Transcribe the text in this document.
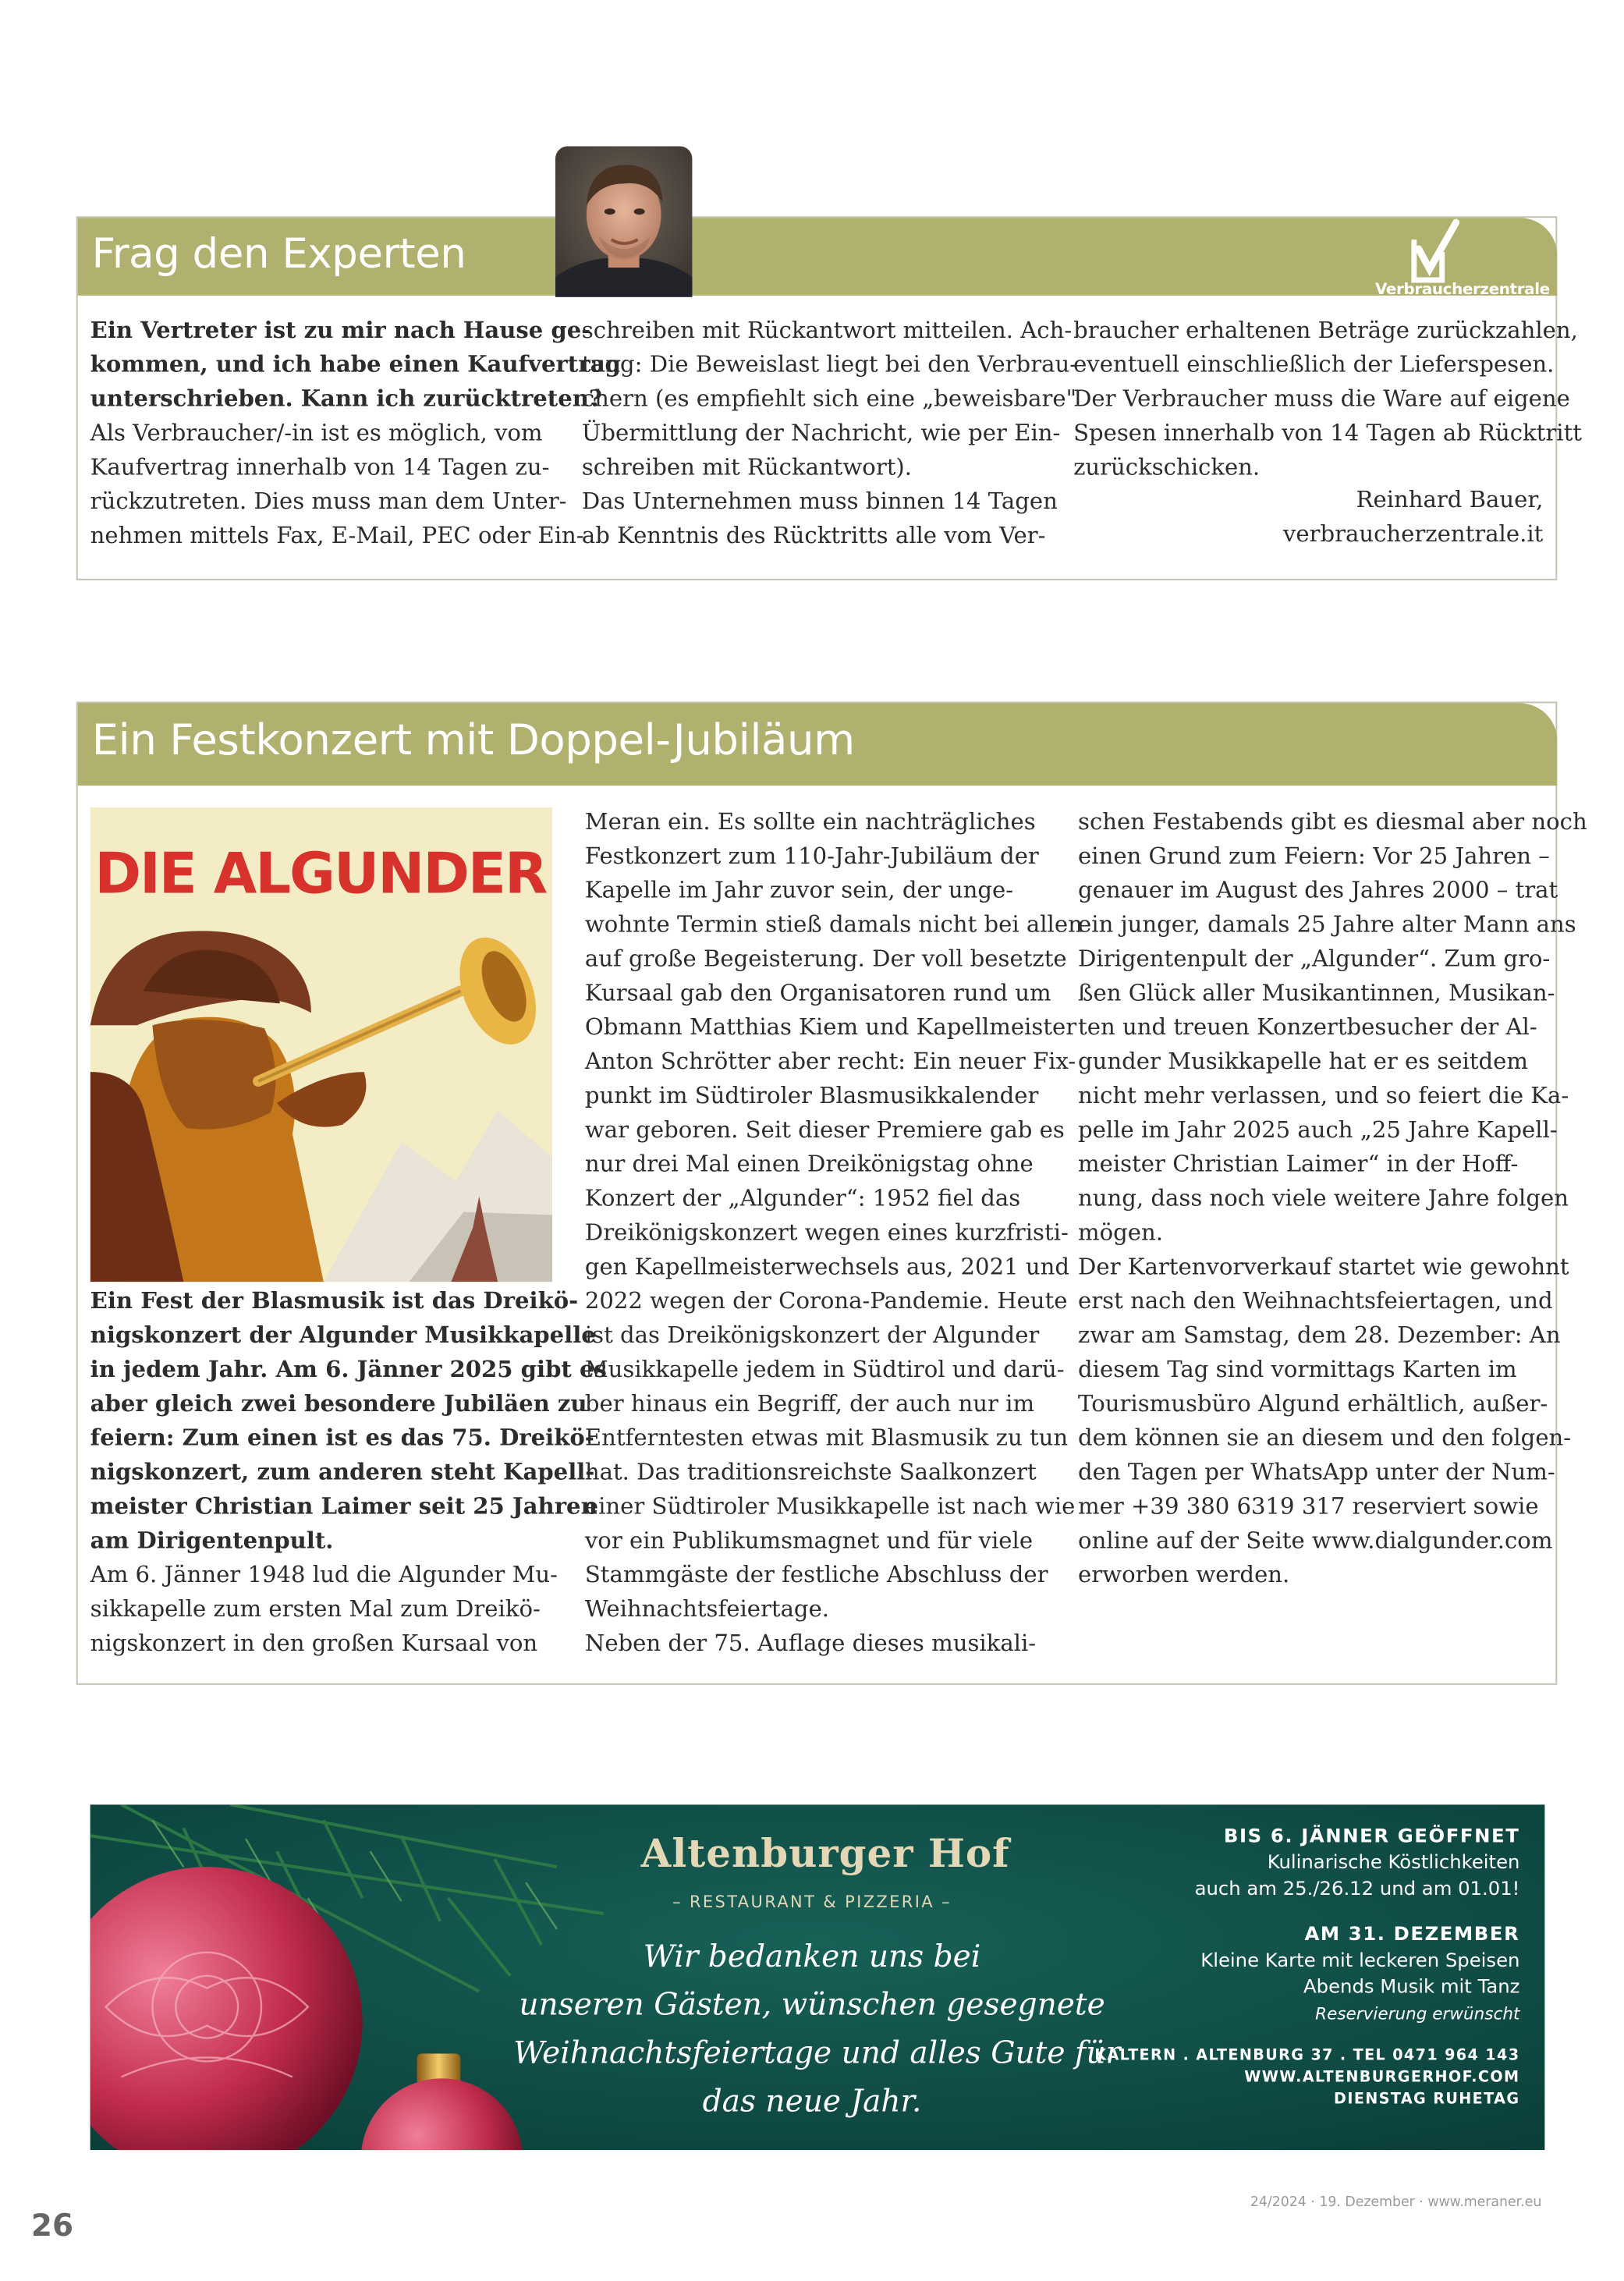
Frag den Experten
Verbraucherzentrale

Ein Vertreter ist zu mir nach Hause ge-

kommen, und ich habe einen Kaufvertrag

unterschrieben. Kann ich zurücktreten?

Als Verbraucher/-in ist es möglich, vom

Kaufvertrag innerhalb von 14 Tagen zu-

rückzutreten. Dies muss man dem Unter-

nehmen mittels Fax, E-Mail, PEC oder Ein-

schreiben mit Rückantwort mitteilen. Ach-

tung: Die Beweislast liegt bei den Verbrau-

chern (es empfiehlt sich eine „beweisbare"

Übermittlung der Nachricht, wie per Ein-

schreiben mit Rückantwort).

Das Unternehmen muss binnen 14 Tagen

ab Kenntnis des Rücktritts alle vom Ver-

braucher erhaltenen Beträge zurückzahlen,

eventuell einschließlich der Lieferspesen.

Der Verbraucher muss die Ware auf eigene

Spesen innerhalb von 14 Tagen ab Rücktritt

zurückschicken.

Reinhard Bauer,

verbraucherzentrale.it

Ein Festkonzert mit Doppel-Jubiläum
DIE ALGUNDER

Ein Fest der Blasmusik ist das Dreikö-

nigskonzert der Algunder Musikkapelle

in jedem Jahr. Am 6. Jänner 2025 gibt es

aber gleich zwei besondere Jubiläen zu

feiern: Zum einen ist es das 75. Dreikö-

nigskonzert, zum anderen steht Kapell-

meister Christian Laimer seit 25 Jahren

am Dirigentenpult.

Am 6. Jänner 1948 lud die Algunder Mu-

sikkapelle zum ersten Mal zum Dreikö-

nigskonzert in den großen Kursaal von

Meran ein. Es sollte ein nachträgliches

Festkonzert zum 110-Jahr-Jubiläum der

Kapelle im Jahr zuvor sein, der unge-

wohnte Termin stieß damals nicht bei allen

auf große Begeisterung. Der voll besetzte

Kursaal gab den Organisatoren rund um

Obmann Matthias Kiem und Kapellmeister

Anton Schrötter aber recht: Ein neuer Fix-

punkt im Südtiroler Blasmusikkalender

war geboren. Seit dieser Premiere gab es

nur drei Mal einen Dreikönigstag ohne

Konzert der „Algunder“: 1952 fiel das

Dreikönigskonzert wegen eines kurzfristi-

gen Kapellmeisterwechsels aus, 2021 und

2022 wegen der Corona-Pandemie. Heute

ist das Dreikönigskonzert der Algunder

Musikkapelle jedem in Südtirol und darü-

ber hinaus ein Begriff, der auch nur im

Entferntesten etwas mit Blasmusik zu tun

hat. Das traditionsreichste Saalkonzert

einer Südtiroler Musikkapelle ist nach wie

vor ein Publikumsmagnet und für viele

Stammgäste der festliche Abschluss der

Weihnachtsfeiertage.

Neben der 75. Auflage dieses musikali-

schen Festabends gibt es diesmal aber noch

einen Grund zum Feiern: Vor 25 Jahren –

genauer im August des Jahres 2000 – trat

ein junger, damals 25 Jahre alter Mann ans

Dirigentenpult der „Algunder“. Zum gro-

ßen Glück aller Musikantinnen, Musikan-

ten und treuen Konzertbesucher der Al-

gunder Musikkapelle hat er es seitdem

nicht mehr verlassen, und so feiert die Ka-

pelle im Jahr 2025 auch „25 Jahre Kapell-

meister Christian Laimer“ in der Hoff-

nung, dass noch viele weitere Jahre folgen

mögen.

Der Kartenvorverkauf startet wie gewohnt

erst nach den Weihnachtsfeiertagen, und

zwar am Samstag, dem 28. Dezember: An

diesem Tag sind vormittags Karten im

Tourismusbüro Algund erhältlich, außer-

dem können sie an diesem und den folgen-

den Tagen per WhatsApp unter der Num-

mer +39 380 6319 317 reserviert sowie

online auf der Seite www.dialgunder.com

erworben werden.

Altenburger Hof
– RESTAURANT & PIZZERIA –

Wir bedanken uns bei

unseren Gästen, wünschen gesegnete

Weihnachtsfeiertage und alles Gute für

das neue Jahr.

BIS 6. JÄNNER GEÖFFNET

Kulinarische Köstlichkeiten

auch am 25./26.12 und am 01.01!

AM 31. DEZEMBER

Kleine Karte mit leckeren Speisen

Abends Musik mit Tanz

Reservierung erwünscht

KALTERN . ALTENBURG 37 . TEL 0471 964 143

WWW.ALTENBURGERHOF.COM

DIENSTAG RUHETAG

26
24/2024 · 19. Dezember · www.meraner.eu
